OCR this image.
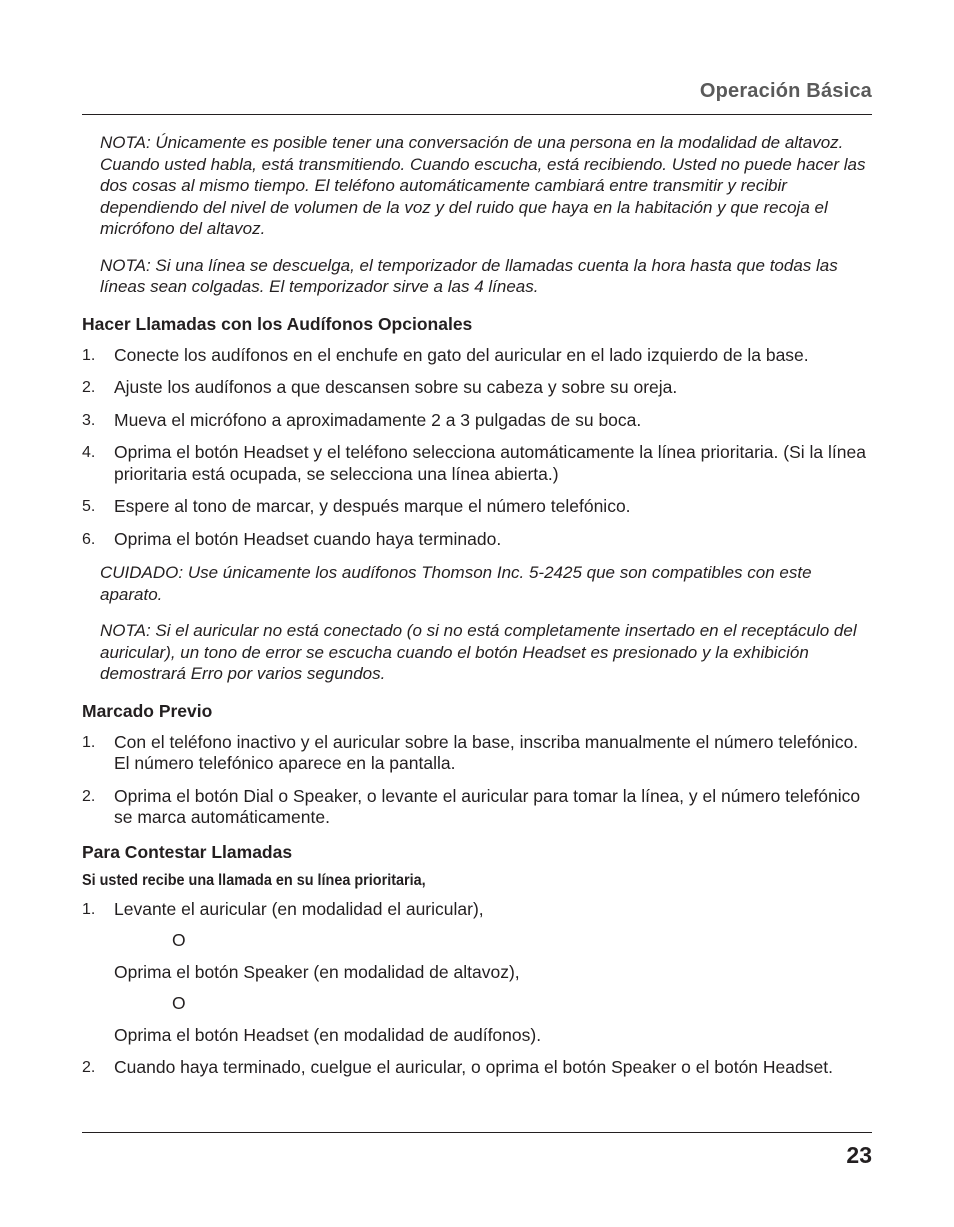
Operación Básica

NOTA: Únicamente es posible tener una conversación de una persona en la modalidad de altavoz. Cuando usted habla, está transmitiendo. Cuando escucha, está recibiendo. Usted no puede hacer las dos cosas al mismo tiempo. El teléfono automáticamente cambiará entre transmitir y recibir dependiendo del nivel de volumen de la voz y del ruido que haya en la habitación y que recoja el micrófono del altavoz.

NOTA: Si una línea se descuelga, el temporizador de llamadas cuenta la hora hasta que todas las líneas sean colgadas. El temporizador sirve a las 4 líneas.

Hacer Llamadas con los Audífonos Opcionales
1. Conecte los audífonos en el enchufe en gato del auricular en el lado izquierdo de la base.
2. Ajuste los audífonos a que descansen sobre su cabeza y sobre su oreja.
3. Mueva el micrófono a aproximadamente 2 a 3 pulgadas de su boca.
4. Oprima el botón Headset y el teléfono selecciona automáticamente la línea prioritaria. (Si la línea prioritaria está ocupada, se selecciona una línea abierta.)
5. Espere al tono de marcar, y después marque el número telefónico.
6. Oprima el botón Headset cuando haya terminado.

CUIDADO: Use únicamente los audífonos Thomson Inc. 5-2425 que son compatibles con este aparato.

NOTA: Si el auricular no está conectado (o si no está completamente insertado en el receptáculo del auricular), un tono de error se escucha cuando el botón Headset es presionado y la exhibición demostrará Erro por varios segundos.

Marcado Previo
1. Con el teléfono inactivo y el auricular sobre la base, inscriba manualmente el número telefónico. El número telefónico aparece en la pantalla.
2. Oprima el botón Dial o Speaker, o levante el auricular para tomar la línea, y el número telefónico se marca automáticamente.
Para Contestar Llamadas
Si usted recibe una llamada en su línea prioritaria,
1. Levante el auricular (en modalidad el auricular),
O
Oprima el botón Speaker (en modalidad de altavoz),
O
Oprima el botón Headset (en modalidad de audífonos).
2. Cuando haya terminado, cuelgue el auricular, o oprima el botón Speaker o el botón Headset.
23
